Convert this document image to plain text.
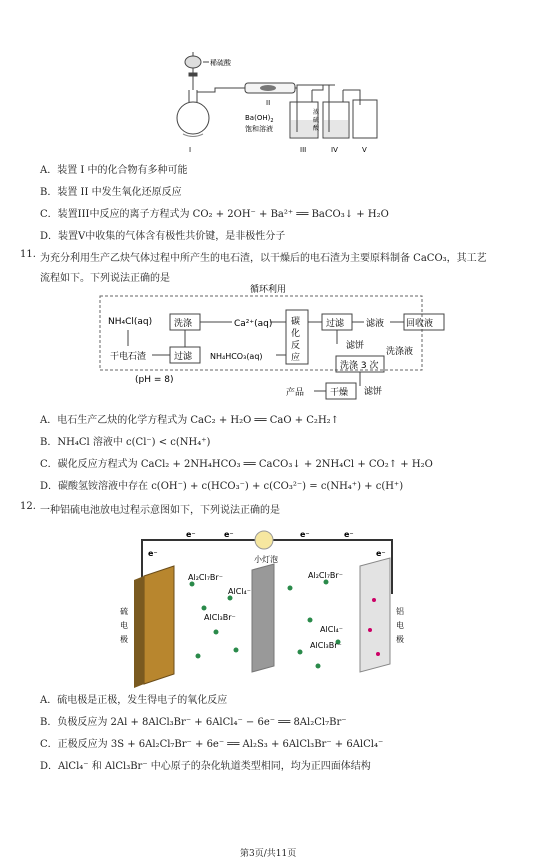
稀硫酸
II
$Ba(OH)_2$
饱和溶液
III
浓
硫
酸
IV	V
I
A．装置 I 中的化合物有多种可能
B．装置 II 中发生氧化还原反应
C．装置III中反应的离子方程式为 CO₂ + 2OH⁻ + Ba²⁺ ══ BaCO₃↓ + H₂O
D．装置V中收集的气体含有极性共价键，是非极性分子
11. 为充分利用生产乙炔气体过程中所产生的电石渣，以干燥后的电石渣为主要原料制备 CaCO₃，其工艺
流程如下。下列说法正确的是
循环利用
NH₄Cl(aq) 洗涤	Ca²⁺(aq)
干电石渣	过滤
(pH = 8)
NH₄HCO₃(aq)
碳
化
反
应
过滤 滤液 回收液
滤饼
洗涤液
洗涤 3 次
滤饼
干燥
产品
A．电石生产乙炔的化学方程式为 CaC₂ + H₂O ══ CaO + C₂H₂↑
B．NH₄Cl 溶液中 c(Cl⁻) < c(NH₄⁺)
C．碳化反应方程式为 CaCl₂ + 2NH₄HCO₃ ══ CaCO₃↓ + 2NH₄Cl + CO₂↑ + H₂O
D．碳酸氢铵溶液中存在 c(OH⁻) + c(HCO₃⁻) + c(CO₃²⁻) = c(NH₄⁺) + c(H⁺)
12. 一种铝硫电池放电过程示意图如下，下列说法正确的是
e⁻
e⁻	e⁻	e⁻	e⁻
e⁻
小灯泡
Al₂Cl₇Br⁻
AlCl₄⁻
Al₂Cl₇Br⁻
AlCl₃Br⁻
AlCl₄⁻
AlCl₃Br⁻
硫
电
极
铝
电
极
A．硫电极是正极，发生得电子的氧化反应
B．负极反应为 2Al + 8AlCl₃Br⁻ + 6AlCl₄⁻ − 6e⁻ ══ 8Al₂Cl₇Br⁻
C．正极反应为 3S + 6Al₂Cl₇Br⁻ + 6e⁻ ══ Al₂S₃ + 6AlCl₃Br⁻ + 6AlCl₄⁻
D．AlCl₄⁻ 和 AlCl₃Br⁻ 中心原子的杂化轨道类型相同，均为正四面体结构
第3页/共11页
